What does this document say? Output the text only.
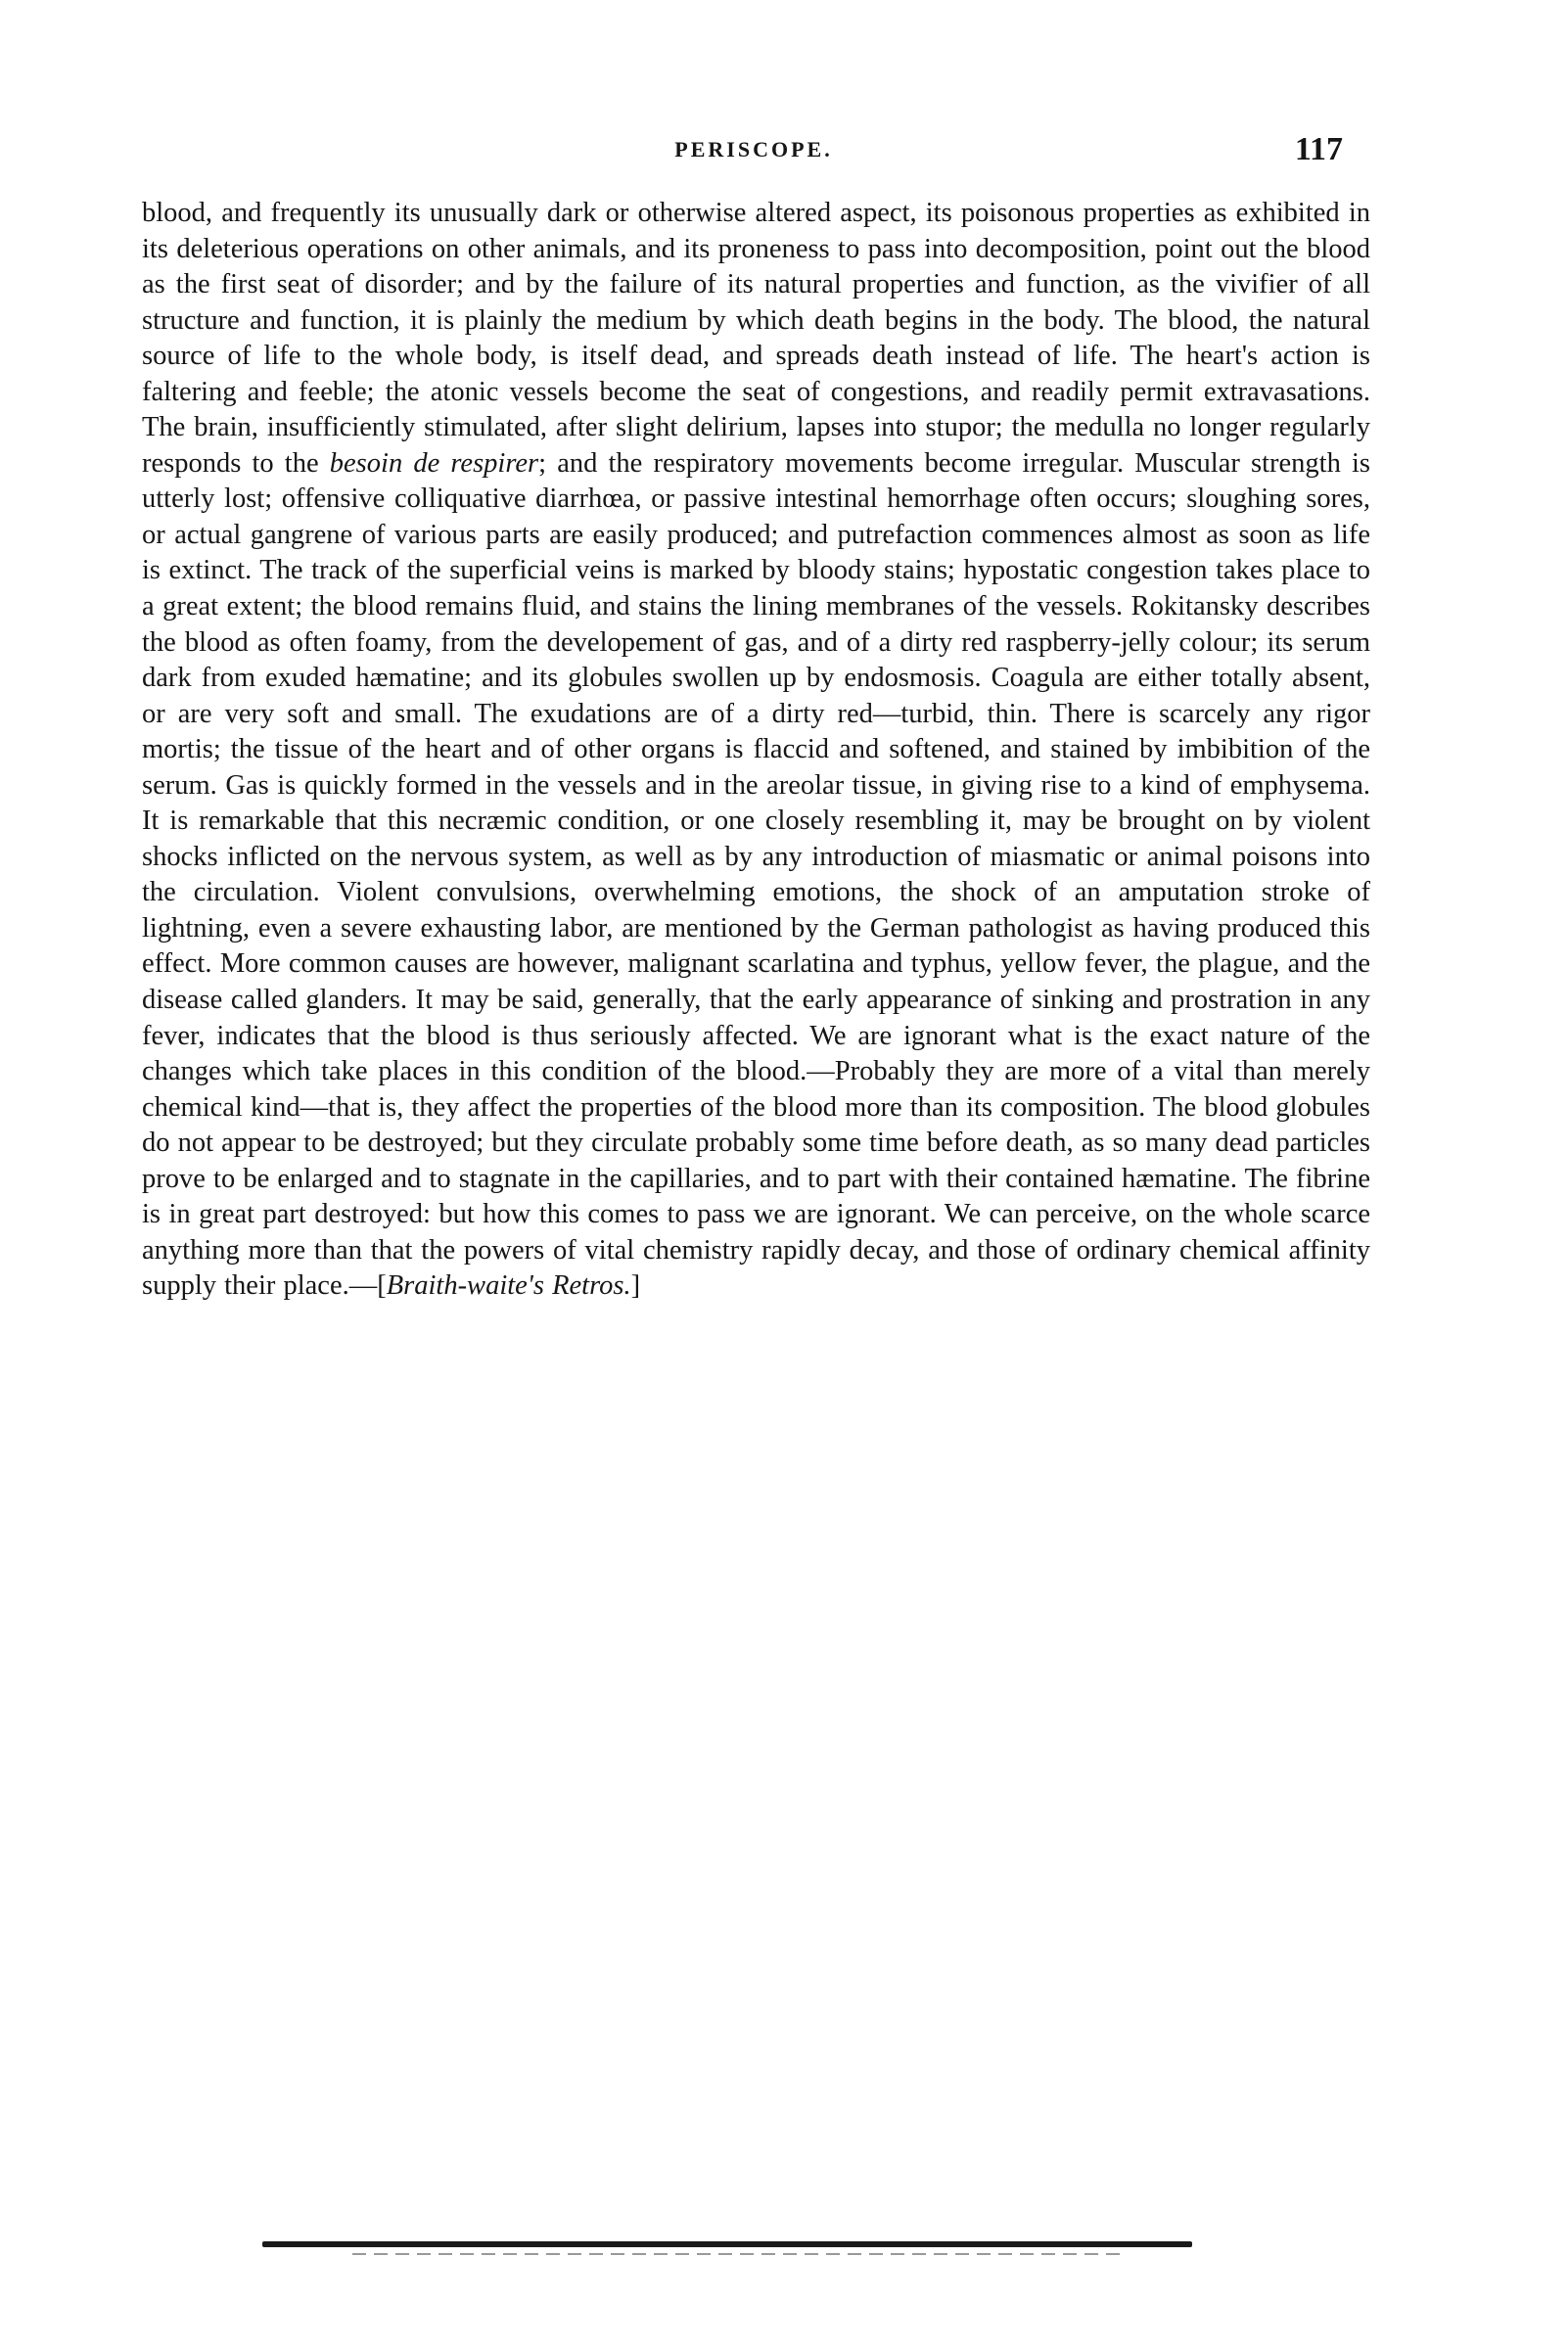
PERISCOPE.	117

blood, and frequently its unusually dark or otherwise altered aspect, its poisonous properties as exhibited in its deleterious operations on other animals, and its proneness to pass into decomposition, point out the blood as the first seat of disorder; and by the failure of its natural properties and function, as the vivifier of all structure and function, it is plainly the medium by which death begins in the body. The blood, the natural source of life to the whole body, is itself dead, and spreads death instead of life. The heart's action is faltering and feeble; the atonic vessels become the seat of congestions, and readily permit extravasations. The brain, insufficiently stimulated, after slight delirium, lapses into stupor; the medulla no longer regularly responds to the besoin de respirer; and the respiratory movements become irregular. Muscular strength is utterly lost; offensive colliquative diarrhœa, or passive intestinal hemorrhage often occurs; sloughing sores, or actual gangrene of various parts are easily produced; and putrefaction commences almost as soon as life is extinct. The track of the superficial veins is marked by bloody stains; hypostatic congestion takes place to a great extent; the blood remains fluid, and stains the lining membranes of the vessels. Rokitansky describes the blood as often foamy, from the developement of gas, and of a dirty red raspberry-jelly colour; its serum dark from exuded hæmatine; and its globules swollen up by endosmosis. Coagula are either totally absent, or are very soft and small. The exudations are of a dirty red—turbid, thin. There is scarcely any rigor mortis; the tissue of the heart and of other organs is flaccid and softened, and stained by imbibition of the serum. Gas is quickly formed in the vessels and in the areolar tissue, in giving rise to a kind of emphysema. It is remarkable that this necræmic condition, or one closely resembling it, may be brought on by violent shocks inflicted on the nervous system, as well as by any introduction of miasmatic or animal poisons into the circulation. Violent convulsions, overwhelming emotions, the shock of an amputation stroke of lightning, even a severe exhausting labor, are mentioned by the German pathologist as having produced this effect. More common causes are however, malignant scarlatina and typhus, yellow fever, the plague, and the disease called glanders. It may be said, generally, that the early appearance of sinking and prostration in any fever, indicates that the blood is thus seriously affected. We are ignorant what is the exact nature of the changes which take places in this condition of the blood.—Probably they are more of a vital than merely chemical kind—that is, they affect the properties of the blood more than its composition. The blood globules do not appear to be destroyed; but they circulate probably some time before death, as so many dead particles prove to be enlarged and to stagnate in the capillaries, and to part with their contained hæmatine. The fibrine is in great part destroyed: but how this comes to pass we are ignorant. We can perceive, on the whole scarce anything more than that the powers of vital chemistry rapidly decay, and those of ordinary chemical affinity supply their place.—[Braith-waite's Retros.]
